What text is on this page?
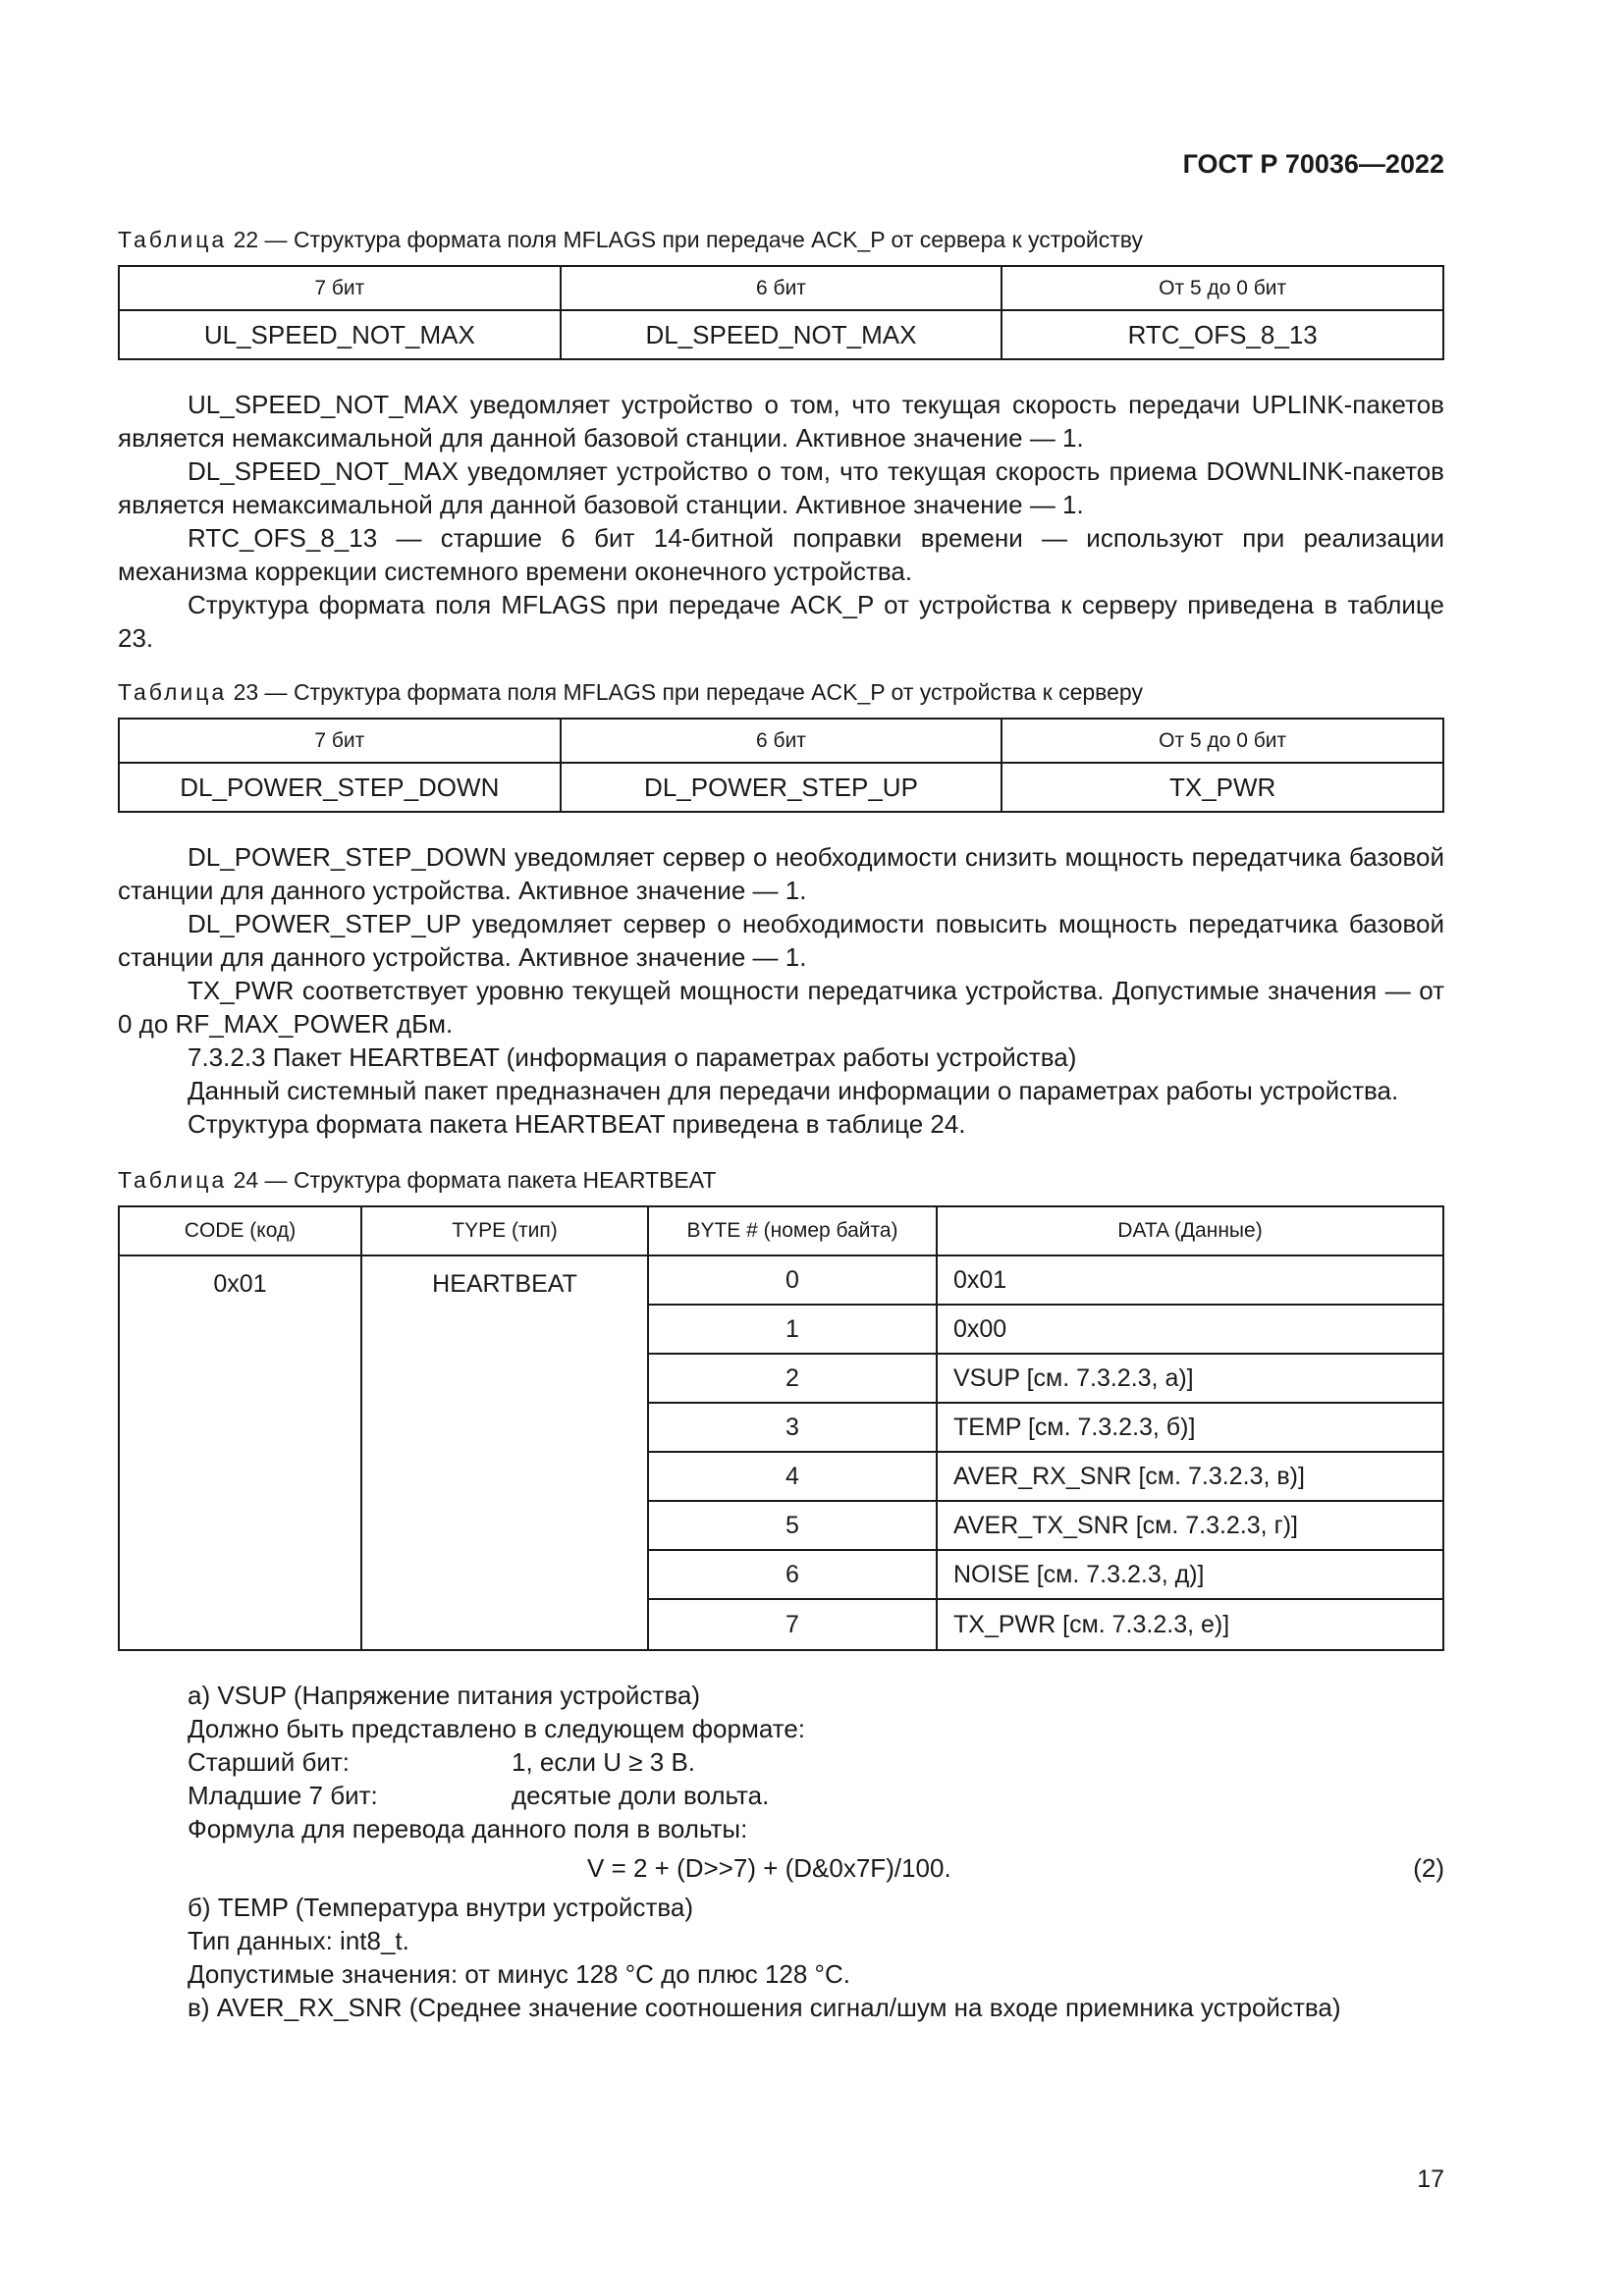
ГОСТ Р 70036—2022
Таблица 22 — Структура формата поля MFLAGS при передаче ACK_P от сервера к устройству
7 бит	6 бит	От 5 до 0 бит
UL_SPEED_NOT_MAX	DL_SPEED_NOT_MAX	RTC_OFS_8_13

UL_SPEED_NOT_MAX уведомляет устройство о том, что текущая скорость передачи UPLINK-пакетов является немаксимальной для данной базовой станции. Активное значение — 1.

DL_SPEED_NOT_MAX уведомляет устройство о том, что текущая скорость приема DOWNLINK-пакетов является немаксимальной для данной базовой станции. Активное значение — 1.

RTC_OFS_8_13 — старшие 6 бит 14-битной поправки времени — используют при реализации механизма коррекции системного времени оконечного устройства.

Структура формата поля MFLAGS при передаче ACK_P от устройства к серверу приведена в таблице 23.

Таблица 23 — Структура формата поля MFLAGS при передаче ACK_P от устройства к серверу
7 бит	6 бит	От 5 до 0 бит
DL_POWER_STEP_DOWN	DL_POWER_STEP_UP	TX_PWR

DL_POWER_STEP_DOWN уведомляет сервер о необходимости снизить мощность передатчика базовой станции для данного устройства. Активное значение — 1.

DL_POWER_STEP_UP уведомляет сервер о необходимости повысить мощность передатчика базовой станции для данного устройства. Активное значение — 1.

TX_PWR соответствует уровню текущей мощности передатчика устройства. Допустимые значения — от 0 до RF_MAX_POWER дБм.

7.3.2.3 Пакет HEARTBEAT (информация о параметрах работы устройства)

Данный системный пакет предназначен для передачи информации о параметрах работы устройства.

Структура формата пакета HEARTBEAT приведена в таблице 24.

Таблица 24 — Структура формата пакета HEARTBEAT
CODE (код)	TYPE (тип)	BYTE # (номер байта)	DATA (Данные)
0x01	HEARTBEAT	0	0x01
		1	0x00
		2	VSUP [см. 7.3.2.3, а)]
		3	TEMP [см. 7.3.2.3, б)]
		4	AVER_RX_SNR [см. 7.3.2.3, в)]
		5	AVER_TX_SNR [см. 7.3.2.3, г)]
		6	NOISE [см. 7.3.2.3, д)]
		7	TX_PWR [см. 7.3.2.3, е)]

а) VSUP (Напряжение питания устройства)

Должно быть представлено в следующем формате:

Старший бит:	1, если U ≥ 3 В.
Младшие 7 бит:	десятые доли вольта.

Формула для перевода данного поля в вольты:

V = 2 + (D>>7) + (D&0x7F)/100.	(2)

б) TEMP (Температура внутри устройства)

Тип данных: int8_t.

Допустимые значения: от минус 128 °С до плюс 128 °С.

в) AVER_RX_SNR (Среднее значение соотношения сигнал/шум на входе приемника устройства)

17
